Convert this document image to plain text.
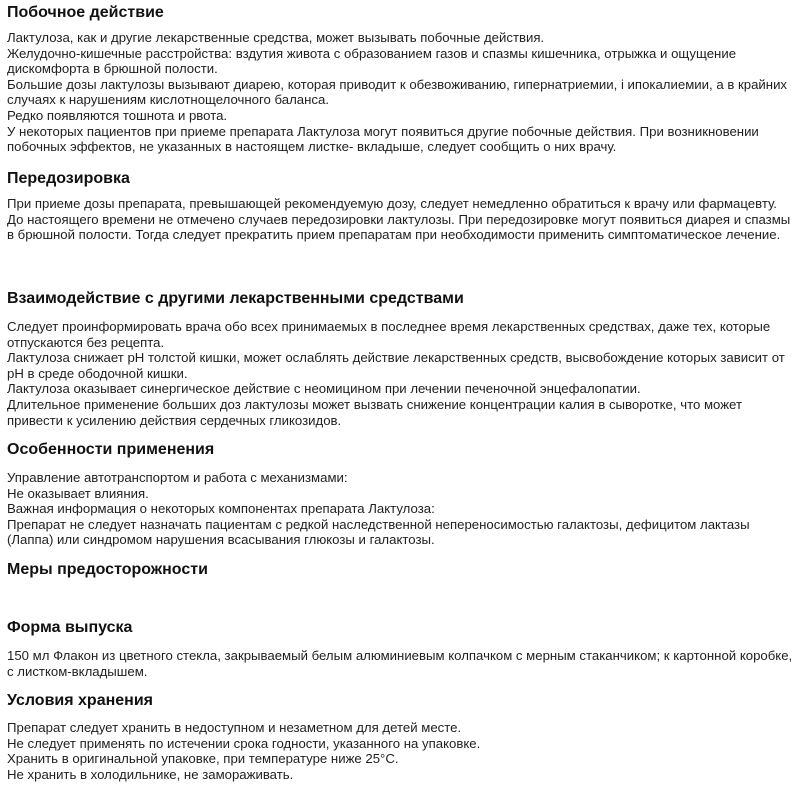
Побочное действие

Лактулоза, как и другие лекарственные средства, может вызывать побочные действия.

Желудочно-кишечные расстройства: вздутия живота с образованием газов и спазмы кишечника, отрыжка и ощущение дискомфорта в брюшной полости.

Большие дозы лактулозы вызывают диарею, которая приводит к обезвоживанию, гипернатриемии, і ипокалиемии, а в крайних случаях к нарушениям кислотнощелочного баланса.

Редко появляются тошнота и рвота.

У некоторых пациентов при приеме препарата Лактулоза могут появиться другие побочные действия. При возникновении побочных эффектов, не указанных в настоящем листке- вкладыше, следует сообщить о них врачу.

Передозировка

При приеме дозы препарата, превышающей рекомендуемую дозу, следует немедленно обратиться к врачу или фармацевту.

До настоящего времени не отмечено случаев передозировки лактулозы. При передозировке могут появиться диарея и спазмы в брюшной полости. Тогда следует прекратить прием препаратам при необходимости применить симптоматическое лечение.

Взаимодействие с другими лекарственными средствами

Следует проинформировать врача обо всех принимаемых в последнее время лекарственных средствах, даже тех, которые отпускаются без рецепта.

Лактулоза снижает pH толстой кишки, может ослаблять действие лекарственных средств, высвобождение которых зависит от pH в среде ободочной кишки.

Лактулоза оказывает синергическое действие с неомицином при лечении печеночной энцефалопатии.

Длительное применение больших доз лактулозы может вызвать снижение концентрации калия в сыворотке, что может привести к усилению действия сердечных гликозидов.

Особенности применения

Управление автотранспортом и работа с механизмами:

Не оказывает влияния.

Важная информация о некоторых компонентах препарата Лактулоза:

Препарат не следует назначать пациентам с редкой наследственной непереносимостью галактозы, дефицитом лактазы (Лаппа) или синдромом нарушения всасывания глюкозы и галактозы.

Меры предосторожности
Форма выпуска

150 мл Флакон из цветного стекла, закрываемый белым алюминиевым колпачком с мерным стаканчиком; к картонной коробке, с листком-вкладышем.

Условия хранения

Препарат следует хранить в недоступном и незаметном для детей месте.

Не следует применять по истечении срока годности, указанного на упаковке.

Хранить в оригинальной упаковке, при температуре ниже 25°C.

Не хранить в холодильнике, не замораживать.
